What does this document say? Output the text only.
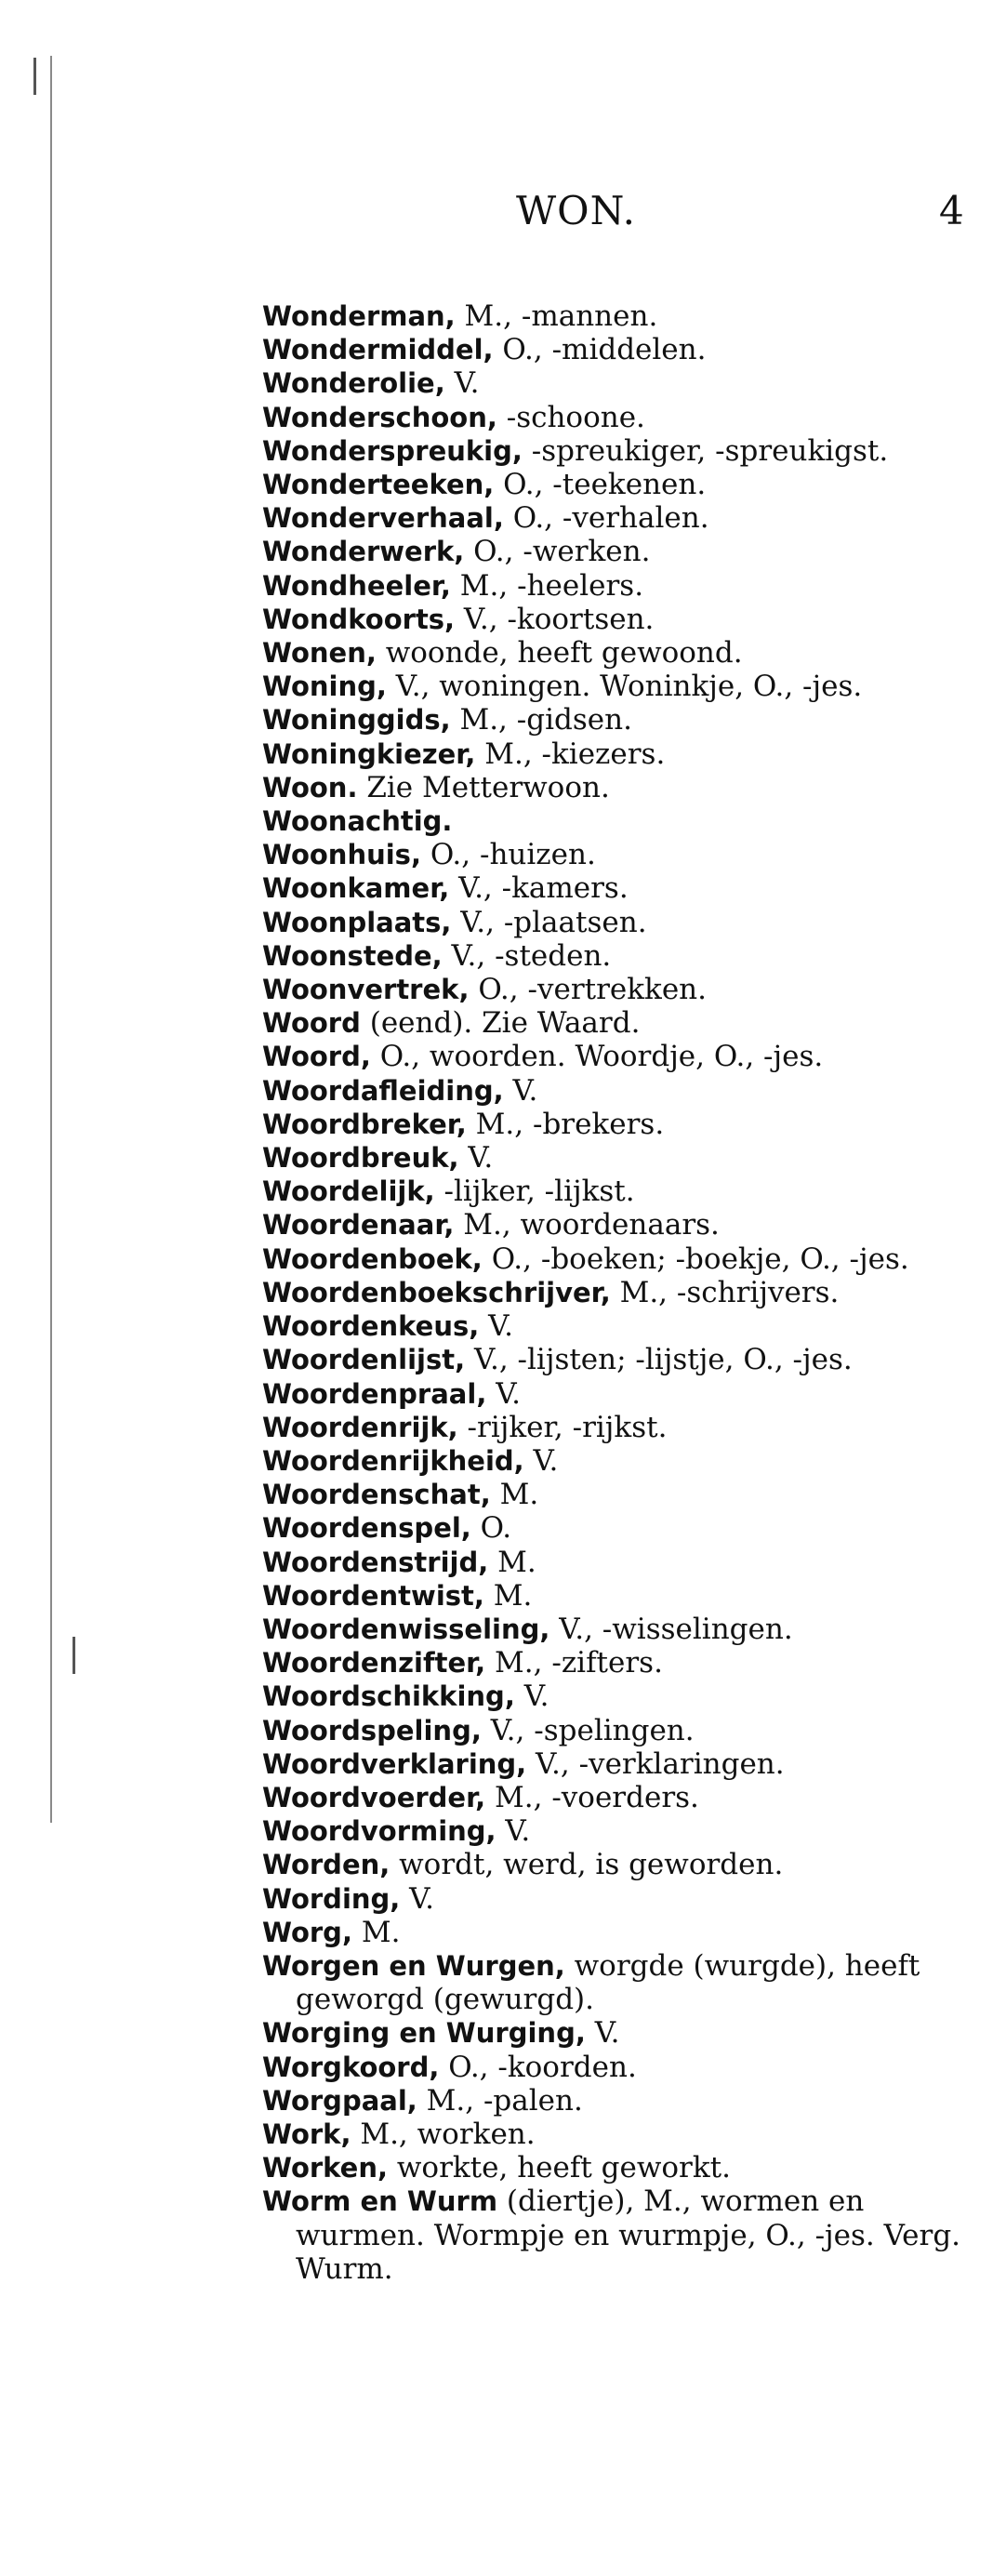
WON.	4
Wonderman, M., -mannen.
Wondermiddel, O., -middelen.
Wonderolie, V.
Wonderschoon, -schoone.
Wonderspreukig, -spreukiger, -spreukigst.
Wonderteeken, O., -teekenen.
Wonderverhaal, O., -verhalen.
Wonderwerk, O., -werken.
Wondheeler, M., -heelers.
Wondkoorts, V., -koortsen.
Wonen, woonde, heeft gewoond.
Woning, V., woningen. Woninkje, O., -jes.
Woninggids, M., -gidsen.
Woningkiezer, M., -kiezers.
Woon. Zie Metterwoon.
Woonachtig.
Woonhuis, O., -huizen.
Woonkamer, V., -kamers.
Woonplaats, V., -plaatsen.
Woonstede, V., -steden.
Woonvertrek, O., -vertrekken.
Woord (eend). Zie Waard.
Woord, O., woorden. Woordje, O., -jes.
Woordafleiding, V.
Woordbreker, M., -brekers.
Woordbreuk, V.
Woordelijk, -lijker, -lijkst.
Woordenaar, M., woordenaars.
Woordenboek, O., -boeken; -boekje, O., -jes.
Woordenboekschrijver, M., -schrijvers.
Woordenkeus, V.
Woordenlijst, V., -lijsten; -lijstje, O., -jes.
Woordenpraal, V.
Woordenrijk, -rijker, -rijkst.
Woordenrijkheid, V.
Woordenschat, M.
Woordenspel, O.
Woordenstrijd, M.
Woordentwist, M.
Woordenwisseling, V., -wisselingen.
Woordenzifter, M., -zifters.
Woordschikking, V.
Woordspeling, V., -spelingen.
Woordverklaring, V., -verklaringen.
Woordvoerder, M., -voerders.
Woordvorming, V.
Worden, wordt, werd, is geworden.
Wording, V.
Worg, M.
Worgen en Wurgen, worgde (wurgde), heeft geworgd (gewurgd).
Worging en Wurging, V.
Worgkoord, O., -koorden.
Worgpaal, M., -palen.
Work, M., worken.
Worken, workte, heeft geworkt.
Worm en Wurm (diertje), M., wormen en wurmen. Wormpje en wurmpje, O., -jes. Verg. Wurm.
